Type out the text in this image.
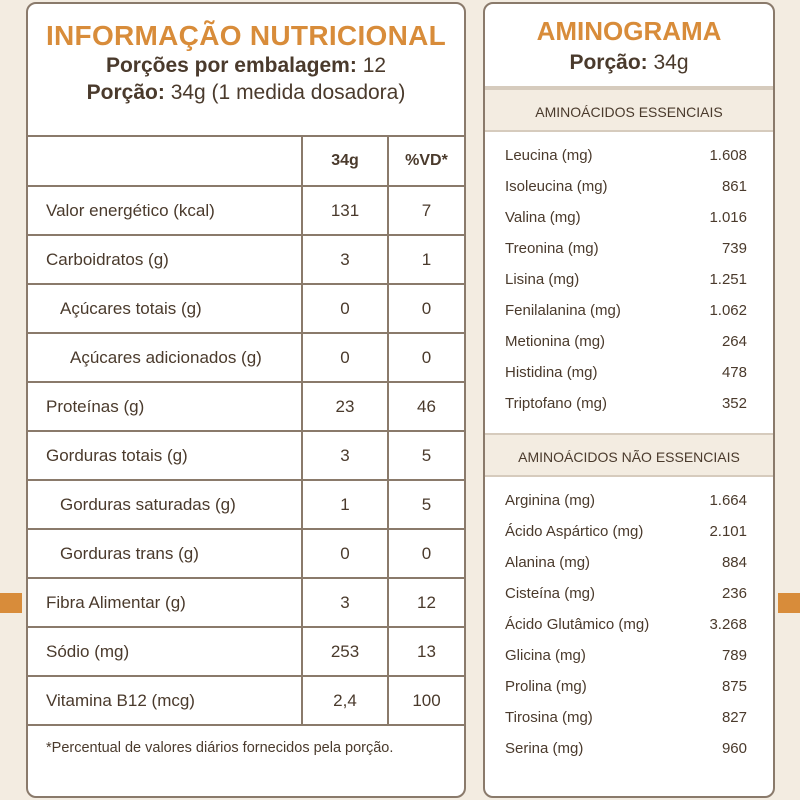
INFORMAÇÃO NUTRICIONAL
Porções por embalagem: 12
Porção: 34g (1 medida dosadora)
	34g	%VD*
Valor energético (kcal)	131	7
Carboidratos (g)	3	1
Açúcares totais (g)	0	0
Açúcares adicionados (g)	0	0
Proteínas (g)	23	46
Gorduras totais (g)	3	5
Gorduras saturadas (g)	1	5
Gorduras trans (g)	0	0
Fibra Alimentar (g)	3	12
Sódio (mg)	253	13
Vitamina B12 (mcg)	2,4	100
*Percentual de valores diários fornecidos pela porção.
AMINOGRAMA
Porção: 34g
AMINOÁCIDOS ESSENCIAIS
Leucina (mg)	1.608
Isoleucina (mg)	861
Valina (mg)	1.016
Treonina (mg)	739
Lisina (mg)	1.251
Fenilalanina (mg)	1.062
Metionina (mg)	264
Histidina (mg)	478
Triptofano (mg)	352
AMINOÁCIDOS NÃO ESSENCIAIS
Arginina (mg)	1.664
Ácido Aspártico (mg)	2.101
Alanina (mg)	884
Cisteína (mg)	236
Ácido Glutâmico (mg)	3.268
Glicina (mg)	789
Prolina (mg)	875
Tirosina (mg)	827
Serina (mg)	960
